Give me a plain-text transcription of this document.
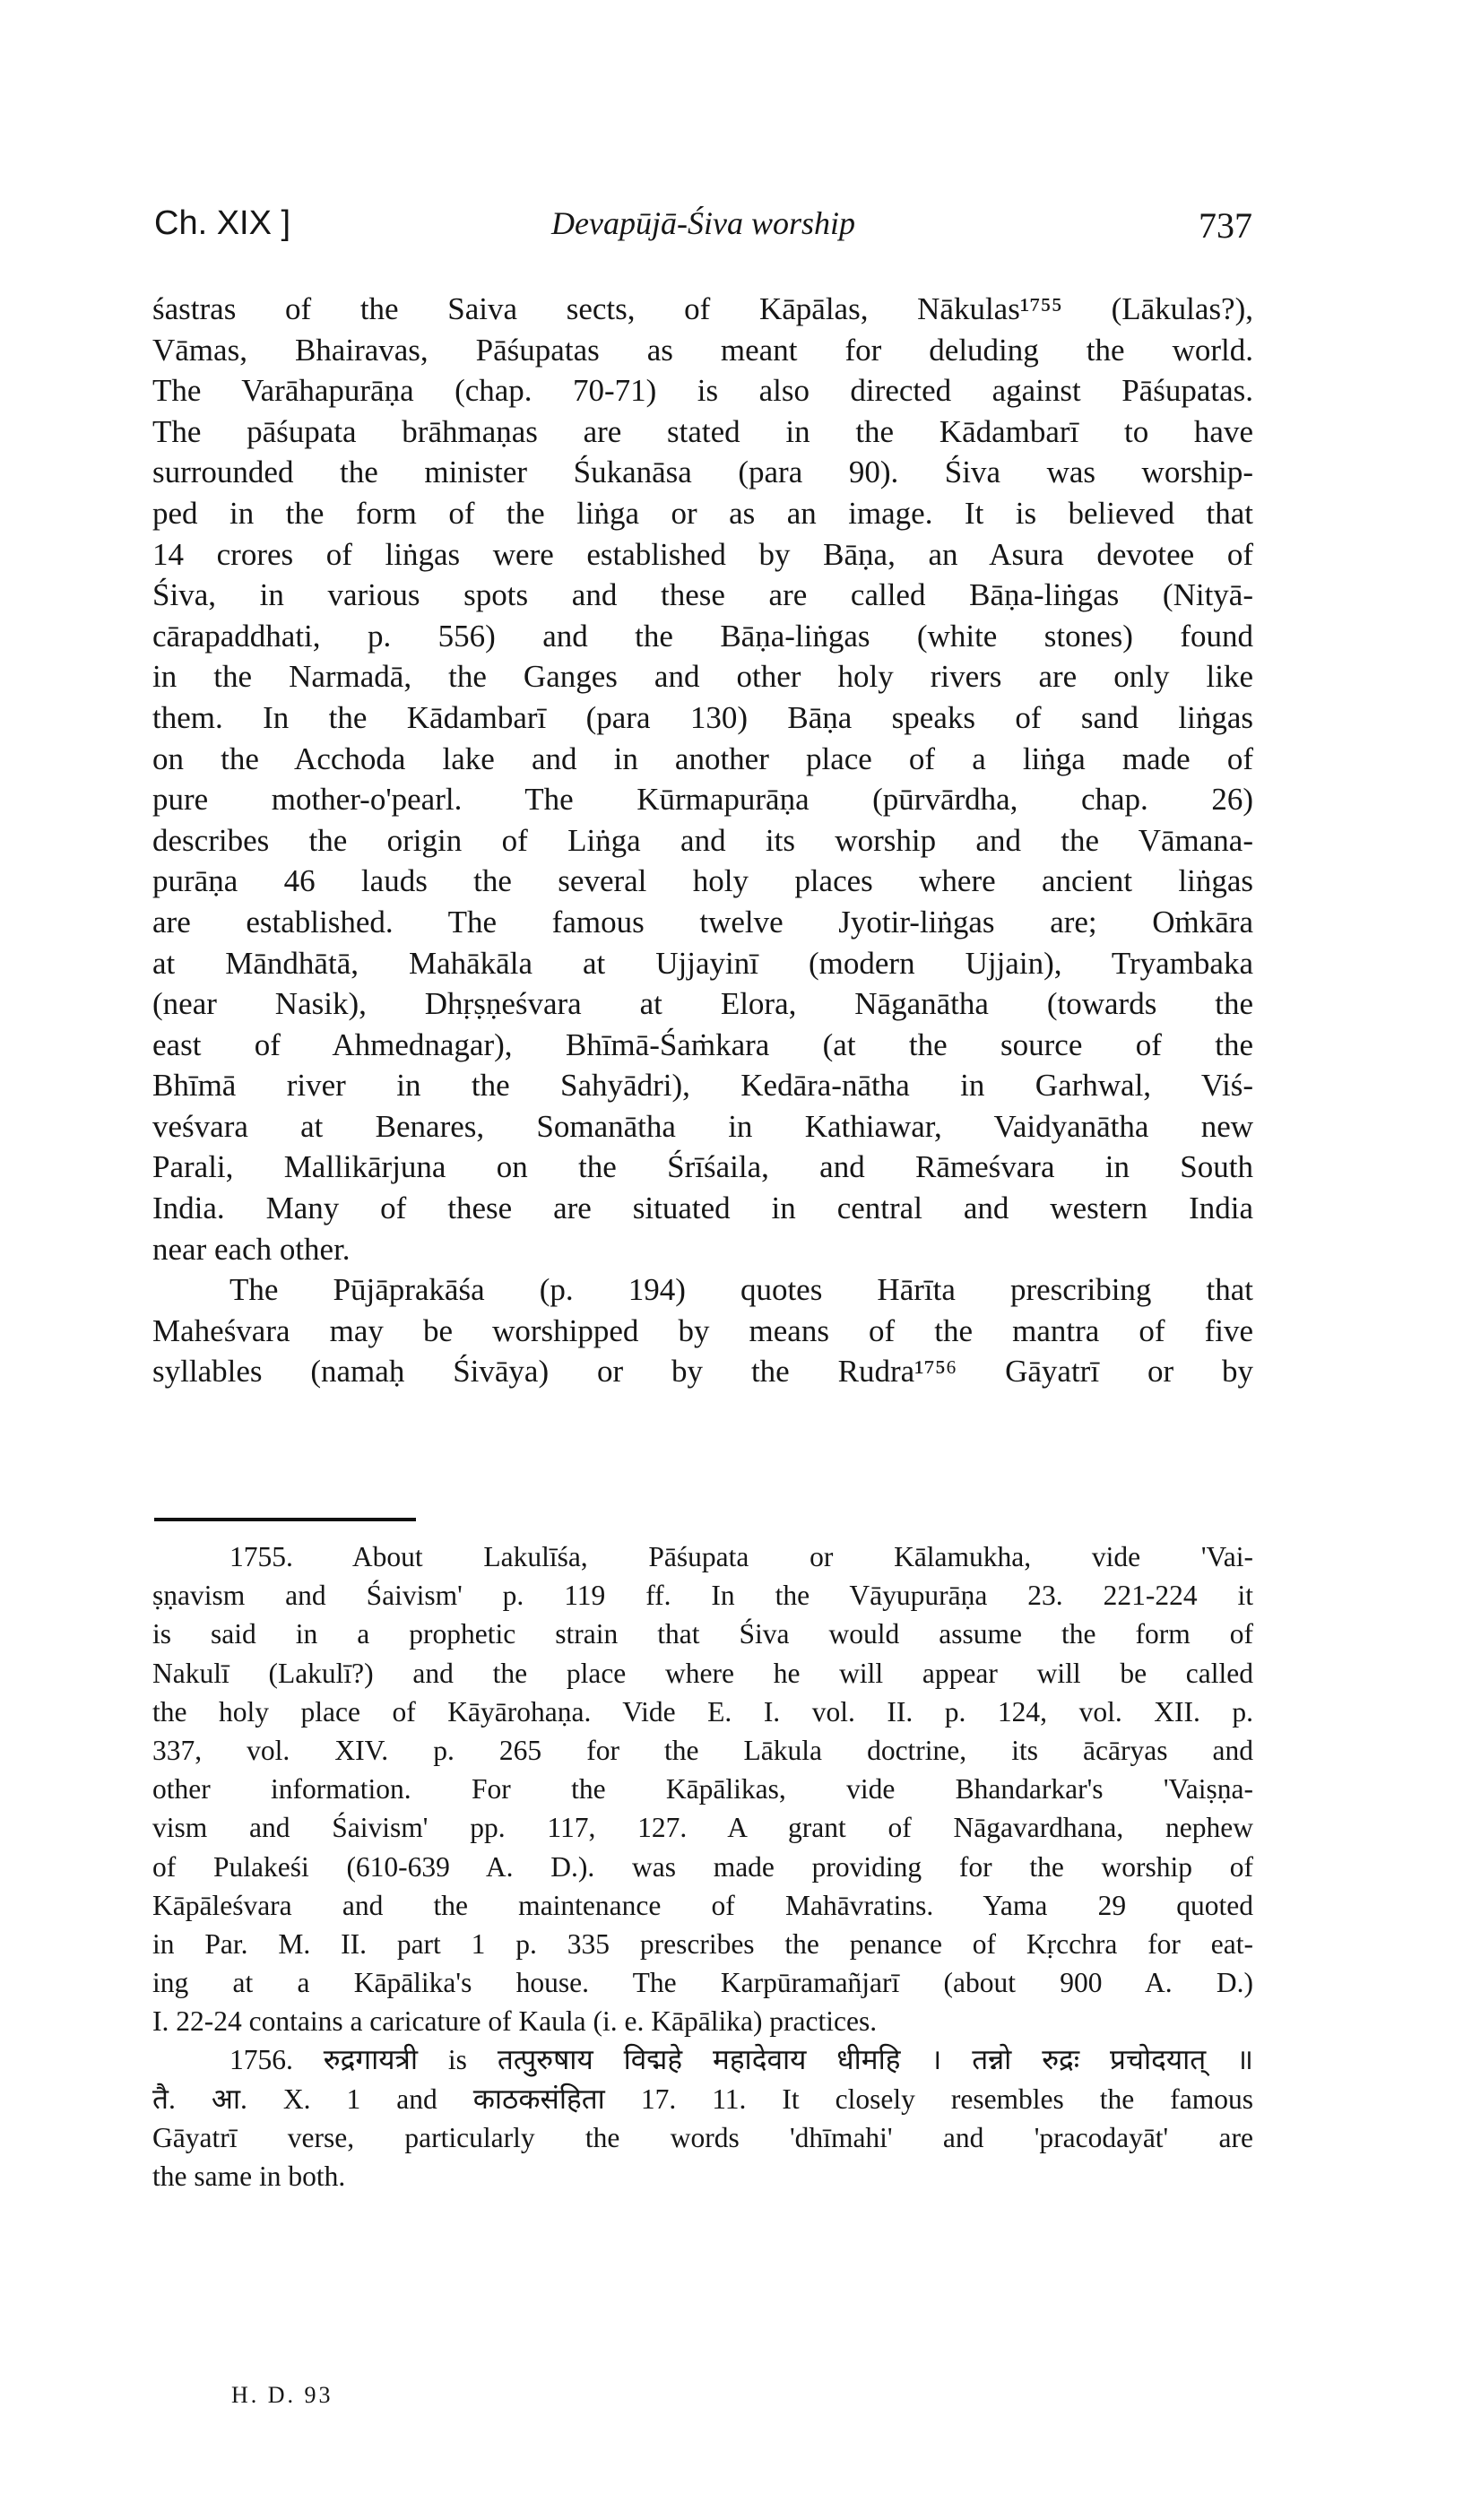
Ch. XIX ]	Devapūjā-Śiva worship	737
śastras of the Saiva sects, of Kāpālas, Nākulas¹⁷⁵⁵ (Lākulas?),
Vāmas, Bhairavas, Pāśupatas as meant for deluding the world.
The Varāhapurāṇa (chap. 70-71) is also directed against Pāśupatas.
The pāśupata brāhmaṇas are stated in the Kādambarī to have
surrounded the minister Śukanāsa (para 90). Śiva was worship-
ped in the form of the liṅga or as an image. It is believed that
14 crores of liṅgas were established by Bāṇa, an Asura devotee of
Śiva, in various spots and these are called Bāṇa-liṅgas (Nityā-
cārapaddhati, p. 556) and the Bāṇa-liṅgas (white stones) found
in the Narmadā, the Ganges and other holy rivers are only like
them. In the Kādambarī (para 130) Bāṇa speaks of sand liṅgas
on the Acchoda lake and in another place of a liṅga made of
pure mother-o'pearl. The Kūrmapurāṇa (pūrvārdha, chap. 26)
describes the origin of Liṅga and its worship and the Vāmana-
purāṇa 46 lauds the several holy places where ancient liṅgas
are established. The famous twelve Jyotir-liṅgas are; Oṁkāra
at Māndhātā, Mahākāla at Ujjayinī (modern Ujjain), Tryambaka
(near Nasik), Dhṛṣṇeśvara at Elora, Nāganātha (towards the
east of Ahmednagar), Bhīmā-Śaṁkara (at the source of the
Bhīmā river in the Sahyādri), Kedāra-nātha in Garhwal, Viś-
veśvara at Benares, Somanātha in Kathiawar, Vaidyanātha new
Parali, Mallikārjuna on the Śrīśaila, and Rāmeśvara in South
India. Many of these are situated in central and western India
near each other.
The Pūjāprakāśa (p. 194) quotes Hārīta prescribing that
Maheśvara may be worshipped by means of the mantra of five
syllables (namaḥ Śivāya) or by the Rudra¹⁷⁵⁶ Gāyatrī or by
1755. About Lakulīśa, Pāśupata or Kālamukha, vide 'Vai-
ṣṇavism and Śaivism' p. 119 ff. In the Vāyupurāṇa 23. 221-224 it
is said in a prophetic strain that Śiva would assume the form of
Nakulī (Lakulī?) and the place where he will appear will be called
the holy place of Kāyārohaṇa. Vide E. I. vol. II. p. 124, vol. XII. p.
337, vol. XIV. p. 265 for the Lākula doctrine, its ācāryas and
other information. For the Kāpālikas, vide Bhandarkar's 'Vaiṣṇa-
vism and Śaivism' pp. 117, 127. A grant of Nāgavardhana, nephew
of Pulakeśi (610-639 A. D.). was made providing for the worship of
Kāpāleśvara and the maintenance of Mahāvratins. Yama 29 quoted
in Par. M. II. part 1 p. 335 prescribes the penance of Kṛcchra for eat-
ing at a Kāpālika's house. The Karpūramañjarī (about 900 A. D.)
I. 22-24 contains a caricature of Kaula (i. e. Kāpālika) practices.
1756. रुद्रगायत्री is तत्पुरुषाय विद्महे महादेवाय धीमहि । तन्नो रुद्रः प्रचोदयात् ॥
तै. आ. X. 1 and काठकसंहिता 17. 11. It closely resembles the famous
Gāyatrī verse, particularly the words 'dhīmahi' and 'pracodayāt' are
the same in both.
H. D. 93
